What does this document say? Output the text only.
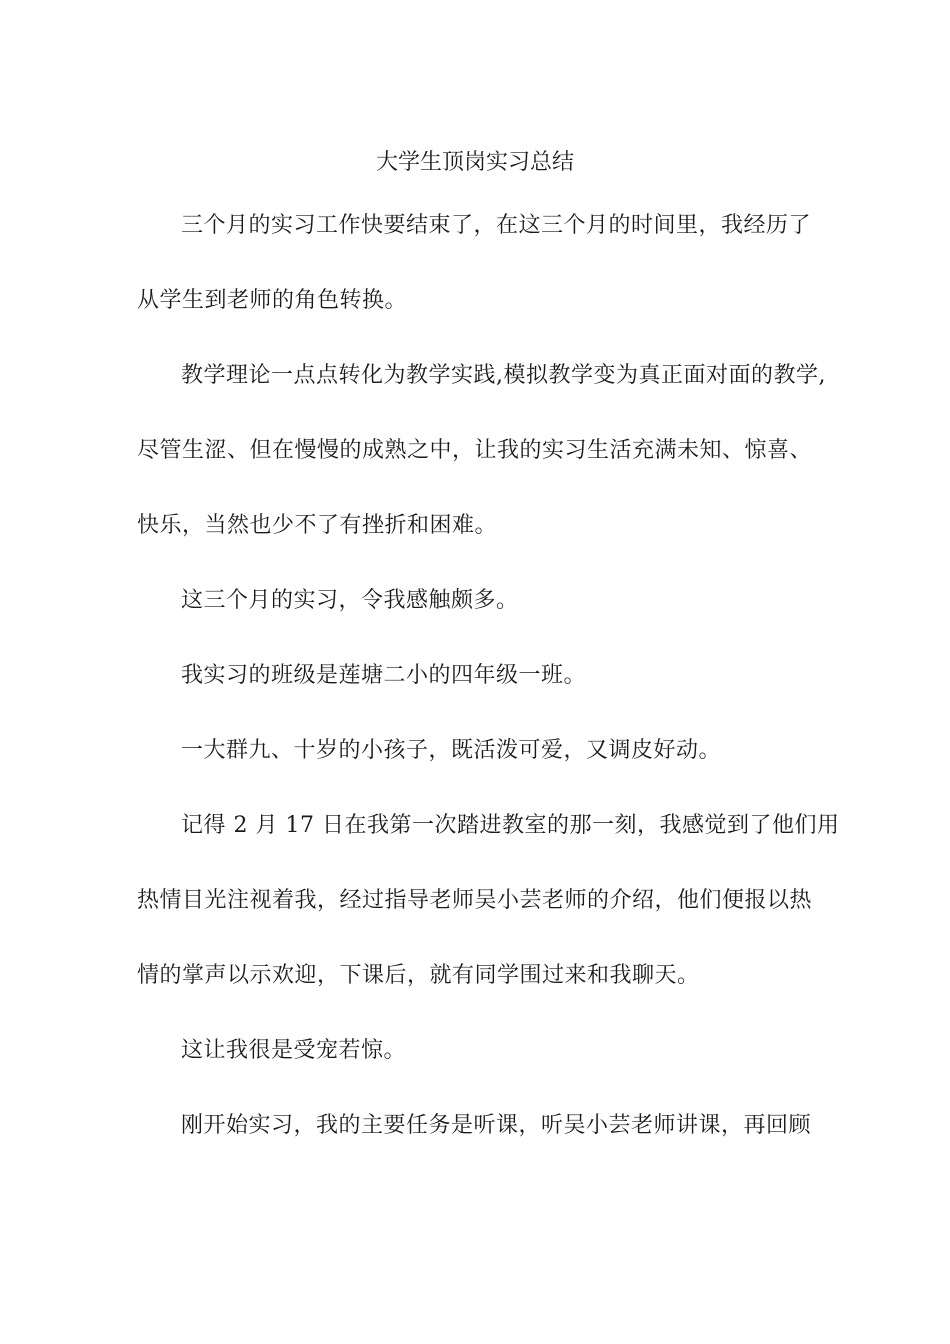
大学生顶岗实习总结
三个月的实习工作快要结束了，在这三个月的时间里，我经历了
从学生到老师的角色转换。
教学理论一点点转化为教学实践,模拟教学变为真正面对面的教学,
尽管生涩、但在慢慢的成熟之中，让我的实习生活充满未知、惊喜、
快乐，当然也少不了有挫折和困难。
这三个月的实习，令我感触颇多。
我实习的班级是莲塘二小的四年级一班。
一大群九、十岁的小孩子，既活泼可爱，又调皮好动。
记得 2 月 17 日在我第一次踏进教室的那一刻，我感觉到了他们用
热情目光注视着我，经过指导老师吴小芸老师的介绍，他们便报以热
情的掌声以示欢迎，下课后，就有同学围过来和我聊天。
这让我很是受宠若惊。
刚开始实习，我的主要任务是听课，听吴小芸老师讲课，再回顾
